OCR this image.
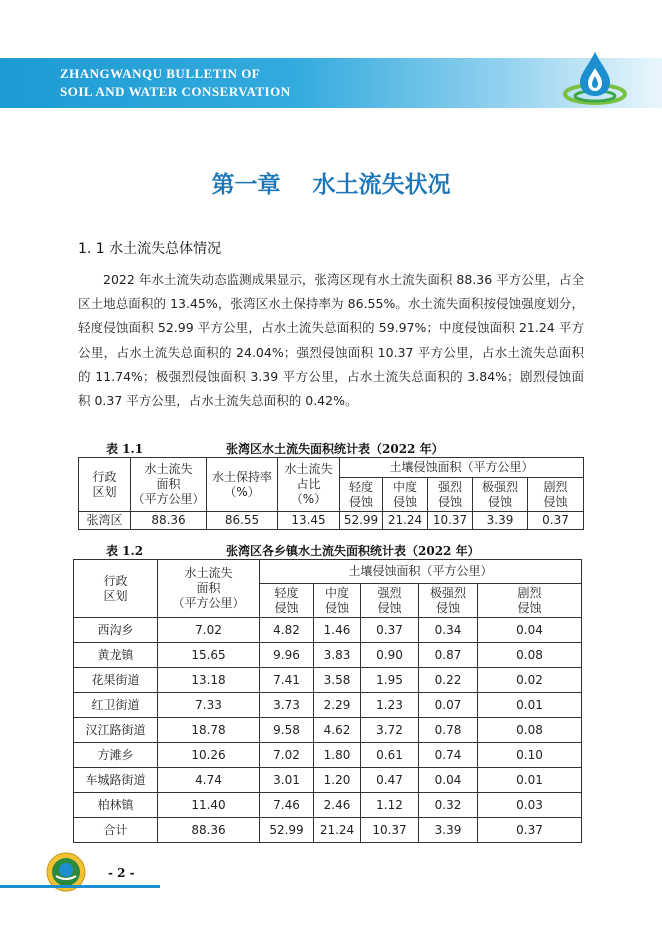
ZHANGWANQU BULLETIN OF
SOIL AND WATER CONSERVATION
第一章    水土流失状况
1. 1 水土流失总体情况
2022 年水土流失动态监测成果显示，张湾区现有水土流失面积 88.36 平方公里，占全区土地总面积的 13.45%，张湾区水土保持率为 86.55%。水土流失面积按侵蚀强度划分，轻度侵蚀面积 52.99 平方公里，占水土流失总面积的 59.97%；中度侵蚀面积 21.24 平方公里，占水土流失总面积的 24.04%；强烈侵蚀面积 10.37 平方公里，占水土流失总面积的 11.74%；极强烈侵蚀面积 3.39 平方公里，占水土流失总面积的 3.84%；剧烈侵蚀面积 0.37 平方公里，占水土流失总面积的 0.42%。
表 1.1	张湾区水土流失面积统计表（2022 年）
行政
区划	水土流失
面积
（平方公里）	水土保持率
（%）	水土流失
占比
（%）	土壤侵蚀面积（平方公里）				
				轻度
侵蚀	中度
侵蚀	强烈
侵蚀	极强烈
侵蚀	剧烈
侵蚀
张湾区	88.36	86.55	13.45	52.99	21.24	10.37	3.39	0.37
表 1.2	张湾区各乡镇水土流失面积统计表（2022 年）
行政
区划	水土流失
面积
（平方公里）	土壤侵蚀面积（平方公里）				
		轻度
侵蚀	中度
侵蚀	强烈
侵蚀	极强烈
侵蚀	剧烈
侵蚀
西沟乡	7.02	4.82	1.46	0.37	0.34	0.04
黄龙镇	15.65	9.96	3.83	0.90	0.87	0.08
花果街道	13.18	7.41	3.58	1.95	0.22	0.02
红卫街道	7.33	3.73	2.29	1.23	0.07	0.01
汉江路街道	18.78	9.58	4.62	3.72	0.78	0.08
方滩乡	10.26	7.02	1.80	0.61	0.74	0.10
车城路街道	4.74	3.01	1.20	0.47	0.04	0.01
柏林镇	11.40	7.46	2.46	1.12	0.32	0.03
合计	88.36	52.99	21.24	10.37	3.39	0.37
- 2 -
